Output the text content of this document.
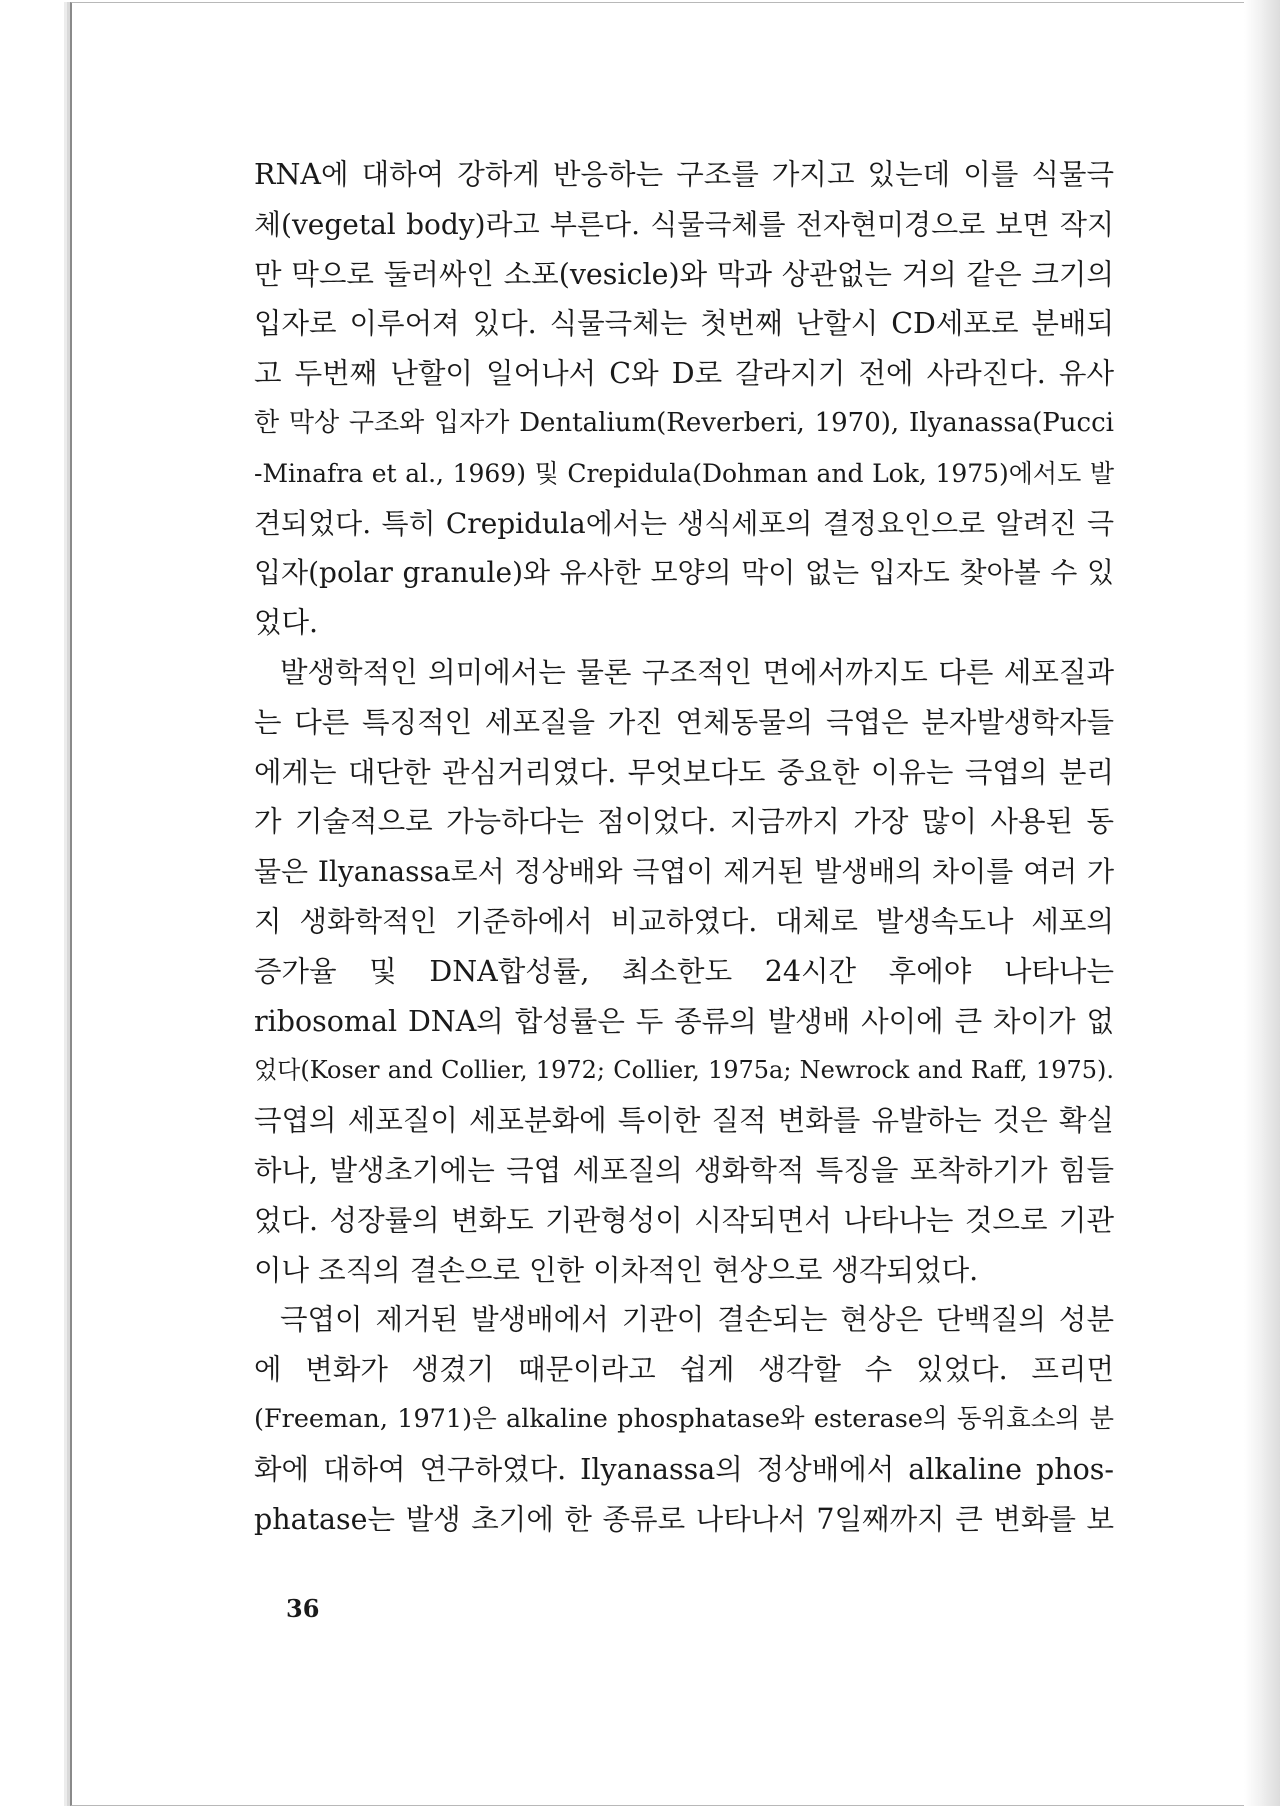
RNA에 대하여 강하게 반응하는 구조를 가지고 있는데 이를 식물극
체(vegetal body)라고 부른다. 식물극체를 전자현미경으로 보면 작지
만 막으로 둘러싸인 소포(vesicle)와 막과 상관없는 거의 같은 크기의
입자로 이루어져 있다. 식물극체는 첫번째 난할시 CD세포로 분배되
고 두번째 난할이 일어나서 C와 D로 갈라지기 전에 사라진다. 유사
한 막상 구조와 입자가 Dentalium(Reverberi, 1970), Ilyanassa(Pucci
-Minafra et al., 1969) 및 Crepidula(Dohman and Lok, 1975)에서도 발
견되었다. 특히 Crepidula에서는 생식세포의 결정요인으로 알려진 극
입자(polar granule)와 유사한 모양의 막이 없는 입자도 찾아볼 수 있
었다.
발생학적인 의미에서는 물론 구조적인 면에서까지도 다른 세포질과
는 다른 특징적인 세포질을 가진 연체동물의 극엽은 분자발생학자들
에게는 대단한 관심거리였다. 무엇보다도 중요한 이유는 극엽의 분리
가 기술적으로 가능하다는 점이었다. 지금까지 가장 많이 사용된 동
물은 Ilyanassa로서 정상배와 극엽이 제거된 발생배의 차이를 여러 가
지 생화학적인 기준하에서 비교하였다. 대체로 발생속도나 세포의
증가율 및 DNA합성률, 최소한도 24시간 후에야 나타나는
ribosomal DNA의 합성률은 두 종류의 발생배 사이에 큰 차이가 없
었다(Koser and Collier, 1972; Collier, 1975a; Newrock and Raff, 1975).
극엽의 세포질이 세포분화에 특이한 질적 변화를 유발하는 것은 확실
하나, 발생초기에는 극엽 세포질의 생화학적 특징을 포착하기가 힘들
었다. 성장률의 변화도 기관형성이 시작되면서 나타나는 것으로 기관
이나 조직의 결손으로 인한 이차적인 현상으로 생각되었다.
극엽이 제거된 발생배에서 기관이 결손되는 현상은 단백질의 성분
에 변화가 생겼기 때문이라고 쉽게 생각할 수 있었다. 프리먼
(Freeman, 1971)은 alkaline phosphatase와 esterase의 동위효소의 분
화에 대하여 연구하였다. Ilyanassa의 정상배에서 alkaline phos-
phatase는 발생 초기에 한 종류로 나타나서 7일째까지 큰 변화를 보
36
